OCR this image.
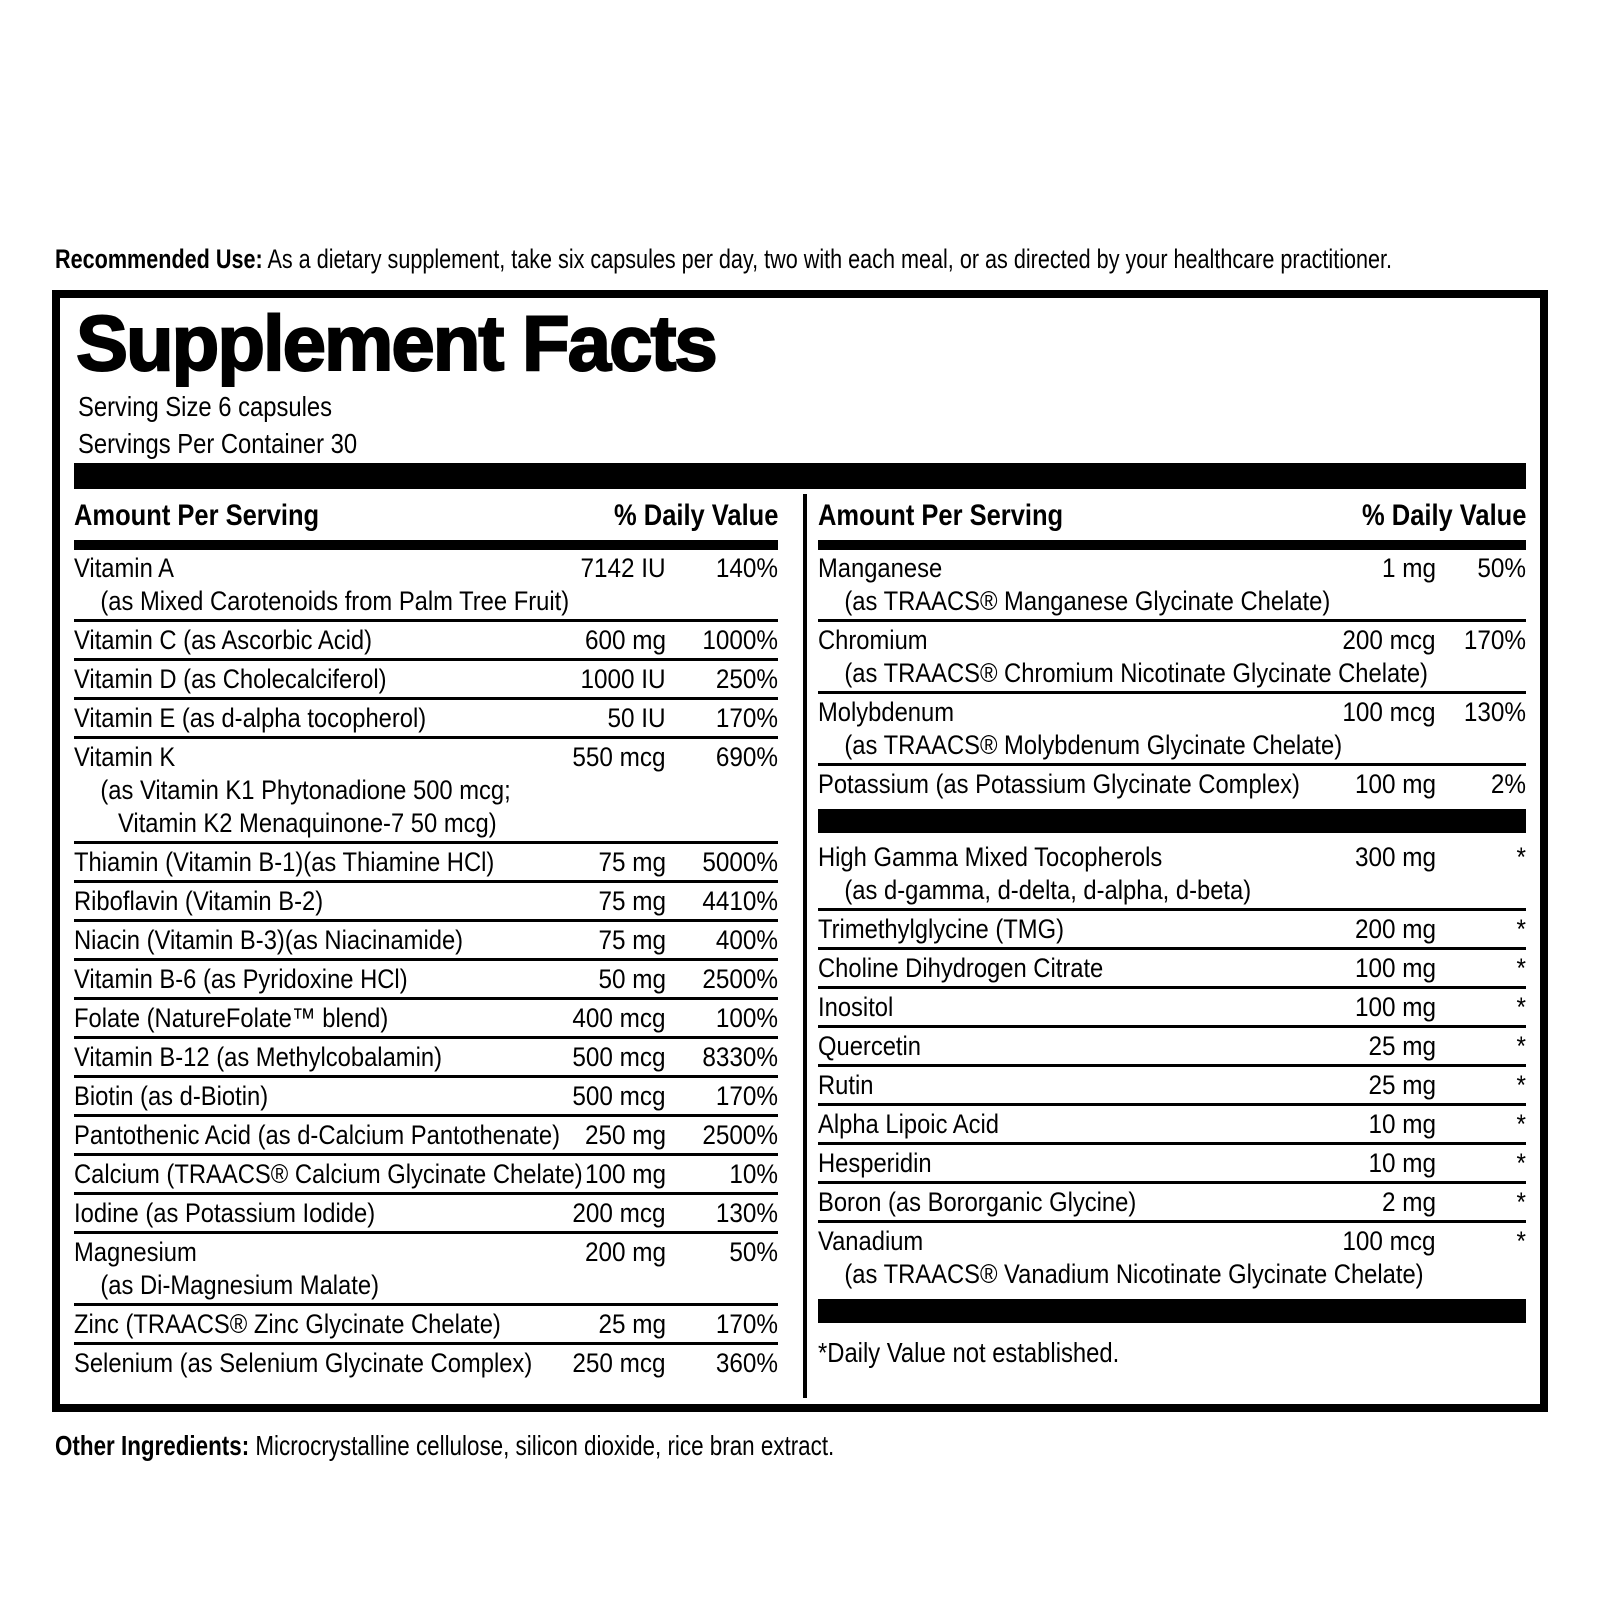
Recommended Use: As a dietary supplement, take six capsules per day, two with each meal, or as directed by your healthcare practitioner.
Supplement Facts
Serving Size 6 capsules
Servings Per Container 30
Amount Per Serving	% Daily Value
Vitamin A	7142 IU	140%
(as Mixed Carotenoids from Palm Tree Fruit)
Vitamin C (as Ascorbic Acid)	600 mg	1000%
Vitamin D (as Cholecalciferol)	1000 IU	250%
Vitamin E (as d-alpha tocopherol)	50 IU	170%
Vitamin K	550 mcg	690%
(as Vitamin K1 Phytonadione 500 mcg;
Vitamin K2 Menaquinone-7 50 mcg)
Thiamin (Vitamin B-1)(as Thiamine HCl)	75 mg	5000%
Riboflavin (Vitamin B-2)	75 mg	4410%
Niacin (Vitamin B-3)(as Niacinamide)	75 mg	400%
Vitamin B-6 (as Pyridoxine HCl)	50 mg	2500%
Folate (NatureFolate™ blend)	400 mcg	100%
Vitamin B-12 (as Methylcobalamin)	500 mcg	8330%
Biotin (as d-Biotin)	500 mcg	170%
Pantothenic Acid (as d-Calcium Pantothenate) 250 mg	2500%
Calcium (TRAACS® Calcium Glycinate Chelate) 100 mg	10%
Iodine (as Potassium Iodide)	200 mcg	130%
Magnesium	200 mg	50%
(as Di-Magnesium Malate)
Zinc (TRAACS® Zinc Glycinate Chelate)	25 mg	170%
Selenium (as Selenium Glycinate Complex) 250 mcg	360%
Amount Per Serving	% Daily Value
Manganese	1 mg	50%
(as TRAACS® Manganese Glycinate Chelate)
Chromium	200 mcg	170%
(as TRAACS® Chromium Nicotinate Glycinate Chelate)
Molybdenum	100 mcg	130%
(as TRAACS® Molybdenum Glycinate Chelate)
Potassium (as Potassium Glycinate Complex) 100 mg	2%
High Gamma Mixed Tocopherols	300 mg	*
(as d-gamma, d-delta, d-alpha, d-beta)
Trimethylglycine (TMG)	200 mg	*
Choline Dihydrogen Citrate	100 mg	*
Inositol	100 mg	*
Quercetin	25 mg	*
Rutin	25 mg	*
Alpha Lipoic Acid	10 mg	*
Hesperidin	10 mg	*
Boron (as Bororganic Glycine)	2 mg	*
Vanadium	100 mcg	*
(as TRAACS® Vanadium Nicotinate Glycinate Chelate)
*Daily Value not established.
Other Ingredients: Microcrystalline cellulose, silicon dioxide, rice bran extract.
